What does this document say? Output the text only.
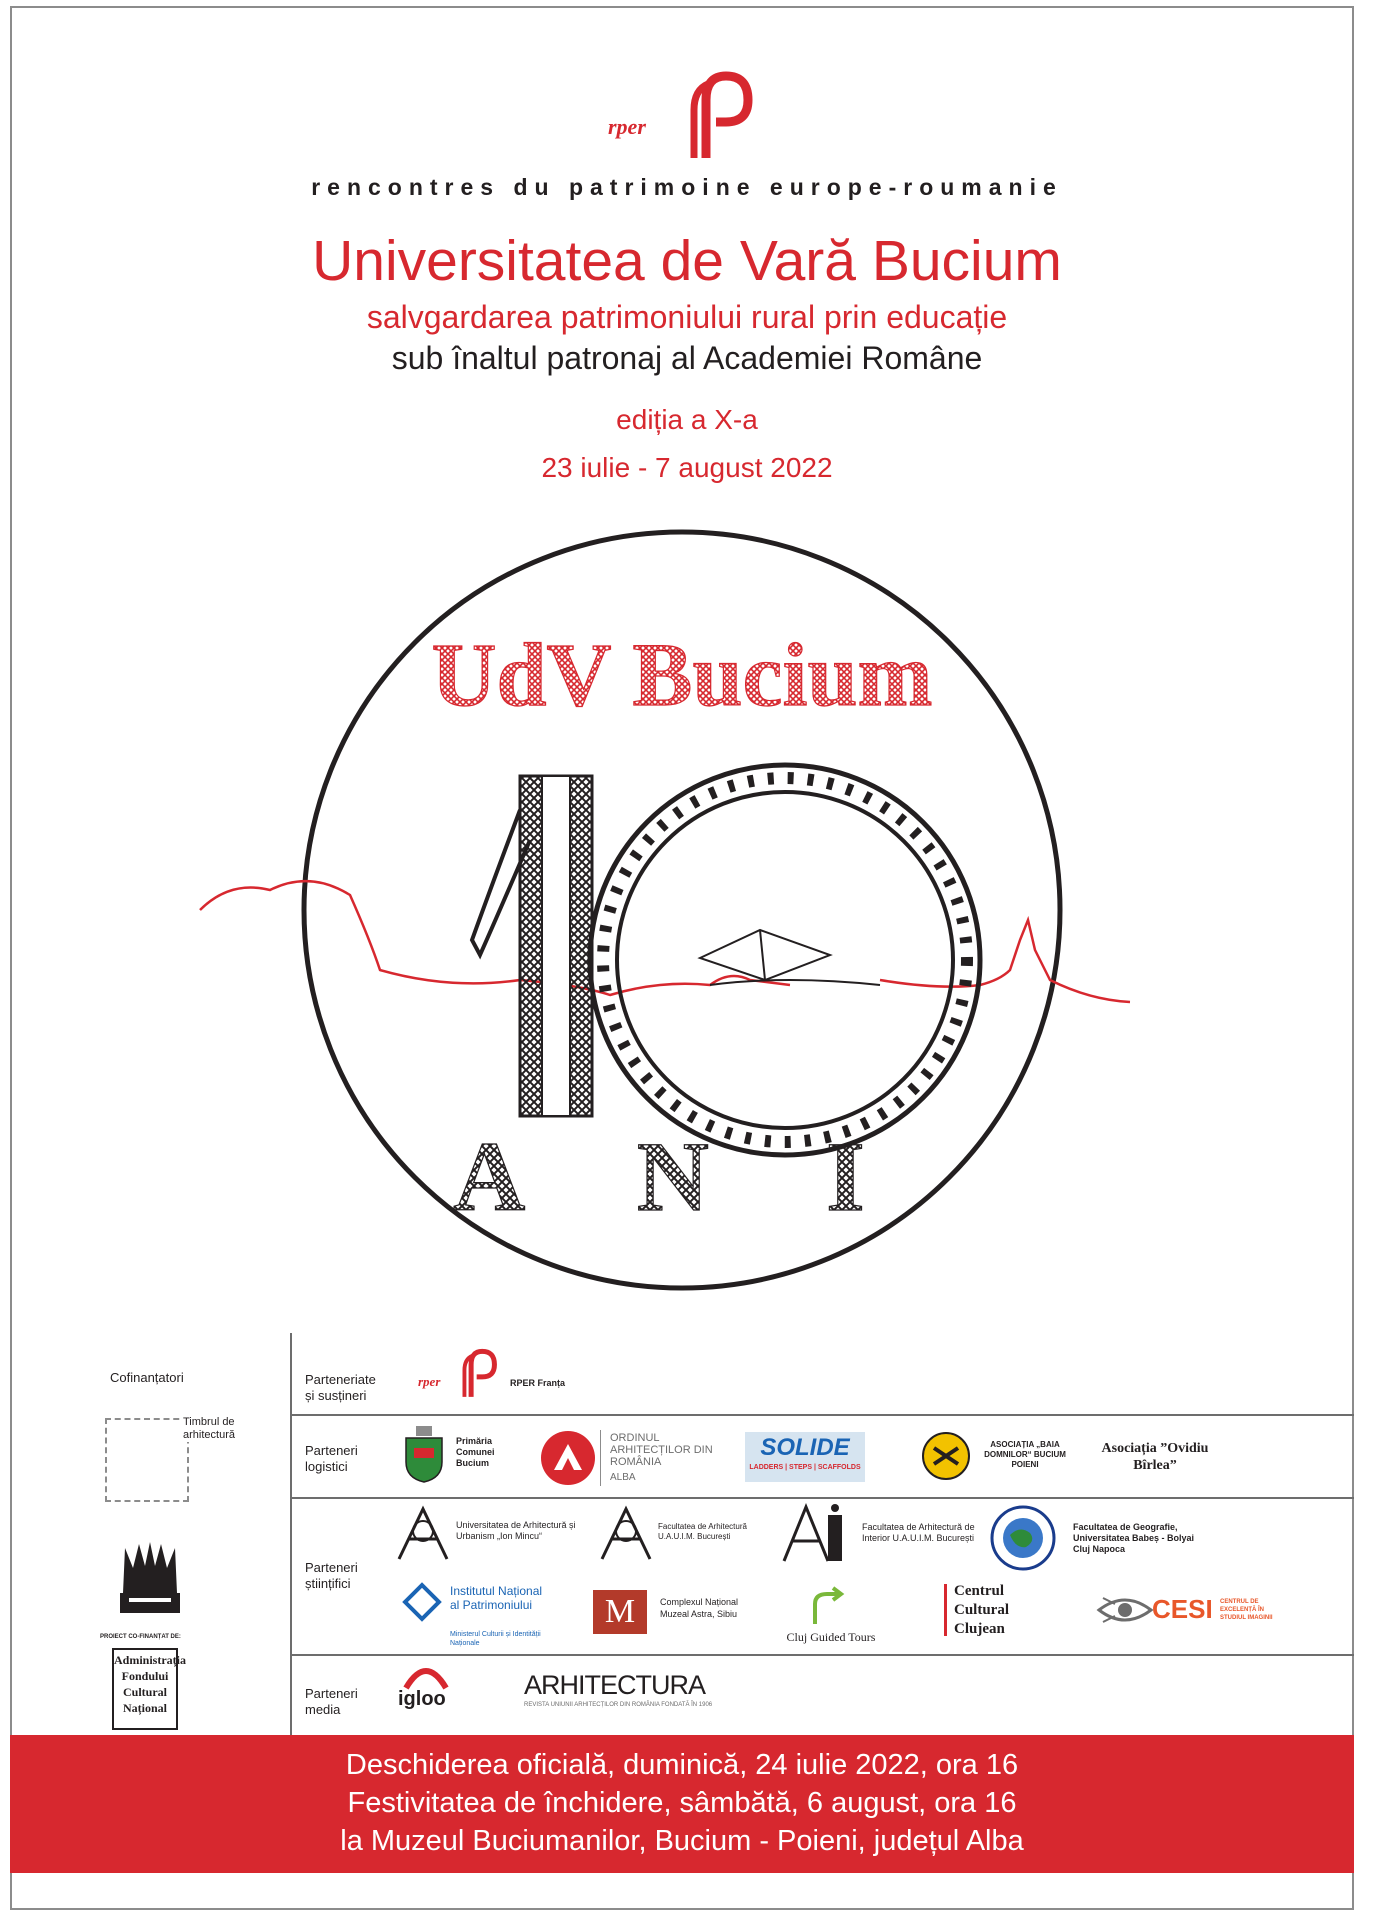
rper
rencontres du patrimoine europe-roumanie
Universitatea de Vară Bucium
salvgardarea patrimoniului rural prin educație
sub înaltul patronaj al Academiei Române
ediția a X-a
23 iulie - 7 august 2022
UdV Bucium
A N I
Cofinanțatori
Timbrul de arhitectură
PROIECT CO-FINANȚAT DE:
Administrația Fondului Cultural Național
Parteneriate și susțineri
rper	RPER Franța
Parteneri logistici
Primăria Comunei Bucium
ORDINUL ARHITECȚILOR DIN ROMÂNIA
ALBA
SOLIDE
LADDERS | STEPS | SCAFFOLDS
ASOCIAȚIA „BAIA DOMNILOR“ BUCIUM POIENI
Asociația ”Ovidiu Bîrlea”
Parteneri științifici
Universitatea de Arhitectură și Urbanism „Ion Mincu“
Facultatea de Arhitectură U.A.U.I.M. București
Facultatea de Arhitectură de Interior U.A.U.I.M. București
Facultatea de Geografie, Universitatea Babeș - Bolyai Cluj Napoca
Institutul Național al Patrimoniului
Ministerul Culturii și Identității Naționale
M	Complexul Național Muzeal Astra, Sibiu
Cluj Guided Tours
Centrul Cultural Clujean
CESI CENTRUL DE EXCELENȚĂ ÎN STUDIUL IMAGINII
Parteneri media	igloo	ARHITECTURA
REVISTA UNIUNII ARHITECȚILOR DIN ROMÂNIA FONDATĂ ÎN 1906
Deschiderea oficială, duminică, 24 iulie 2022, ora 16
Festivitatea de închidere, sâmbătă, 6 august, ora 16
la Muzeul Buciumanilor, Bucium - Poieni, județul Alba
